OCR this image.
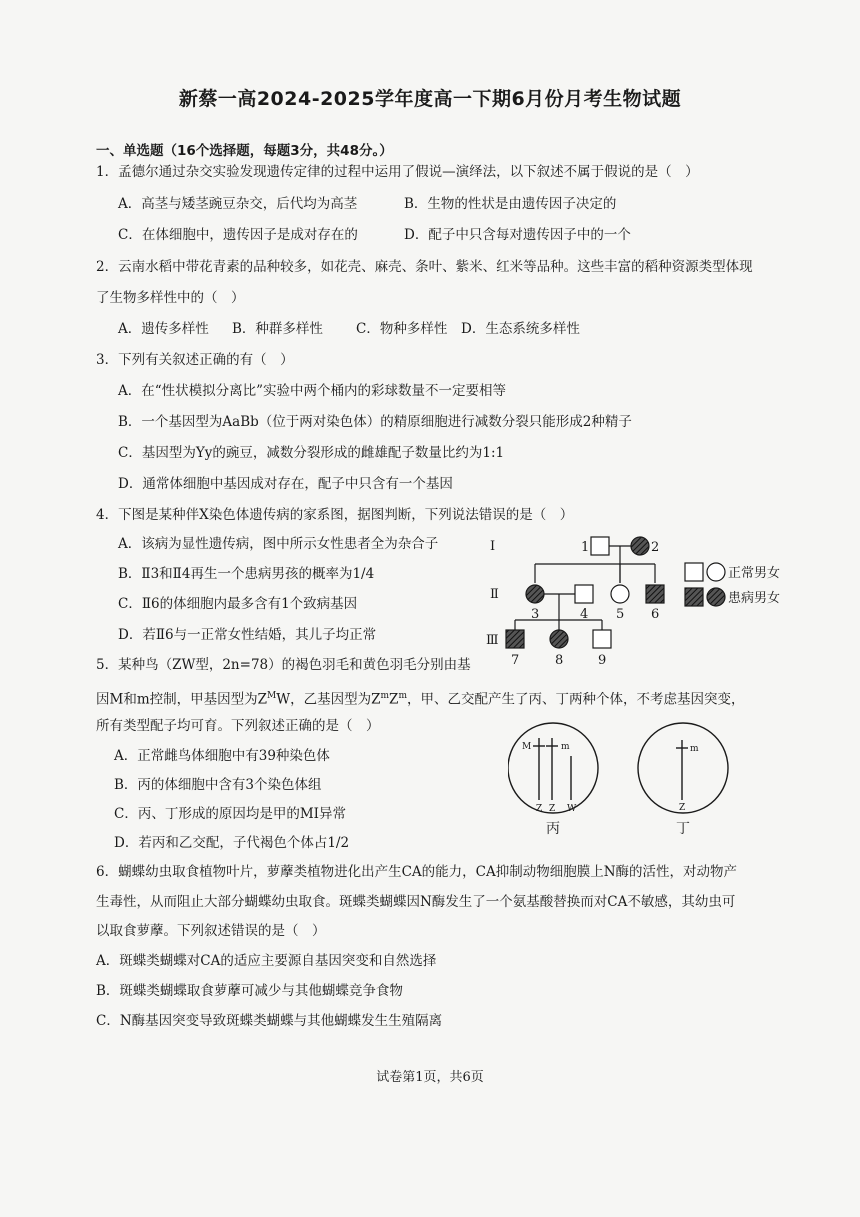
新蔡一高2024-2025学年度高一下期6月份月考生物试题
一、单选题（16个选择题，每题3分，共48分。）
1．孟德尔通过杂交实验发现遗传定律的过程中运用了假说—演绎法，以下叙述不属于假说的是（　）
A．高茎与矮茎豌豆杂交，后代均为高茎	B．生物的性状是由遗传因子决定的
C．在体细胞中，遗传因子是成对存在的	D．配子中只含每对遗传因子中的一个
2．云南水稻中带花青素的品种较多，如花壳、麻壳、条叶、紫米、红米等品种。这些丰富的稻种资源类型体现
了生物多样性中的（　）
A．遗传多样性 B．种群多样性 C．物种多样性 D．生态系统多样性
3．下列有关叙述正确的有（　）
A．在“性状模拟分离比”实验中两个桶内的彩球数量不一定要相等
B．一个基因型为AaBb（位于两对染色体）的精原细胞进行减数分裂只能形成2种精子
C．基因型为Yy的豌豆，减数分裂形成的雌雄配子数量比约为1:1
D．通常体细胞中基因成对存在，配子中只含有一个基因
4．下图是某种伴X染色体遗传病的家系图，据图判断，下列说法错误的是（　）
A．该病为显性遗传病，图中所示女性患者全为杂合子
B．Ⅱ3和Ⅱ4再生一个患病男孩的概率为1/4
C．Ⅱ6的体细胞内最多含有1个致病基因
D．若Ⅱ6与一正常女性结婚，其儿子均正常
Ⅰ
Ⅱ
Ⅲ
1	2
3	4 5 6
7	8	9
正常男女
患病男女
5．某种鸟（ZW型，2n=78）的褐色羽毛和黄色羽毛分别由基
因M和m控制，甲基因型为$Z^MW$，乙基因型为$Z^mZ^m$，甲、乙交配产生了丙、丁两种个体，不考虑基因突变，
所有类型配子均可育。下列叙述正确的是（　）
A．正常雌鸟体细胞中有39种染色体
B．丙的体细胞中含有3个染色体组
C．丙、丁形成的原因均是甲的MI异常
D．若丙和乙交配，子代褐色个体占1/2
M	m
Z Z W
m
Z
丙	丁
6．蝴蝶幼虫取食植物叶片，萝藦类植物进化出产生CA的能力，CA抑制动物细胞膜上N酶的活性，对动物产
生毒性，从而阻止大部分蝴蝶幼虫取食。斑蝶类蝴蝶因N酶发生了一个氨基酸替换而对CA不敏感，其幼虫可
以取食萝藦。下列叙述错误的是（　）
A．斑蝶类蝴蝶对CA的适应主要源自基因突变和自然选择
B．斑蝶类蝴蝶取食萝藦可减少与其他蝴蝶竞争食物
C．N酶基因突变导致斑蝶类蝴蝶与其他蝴蝶发生生殖隔离
试卷第1页，共6页
